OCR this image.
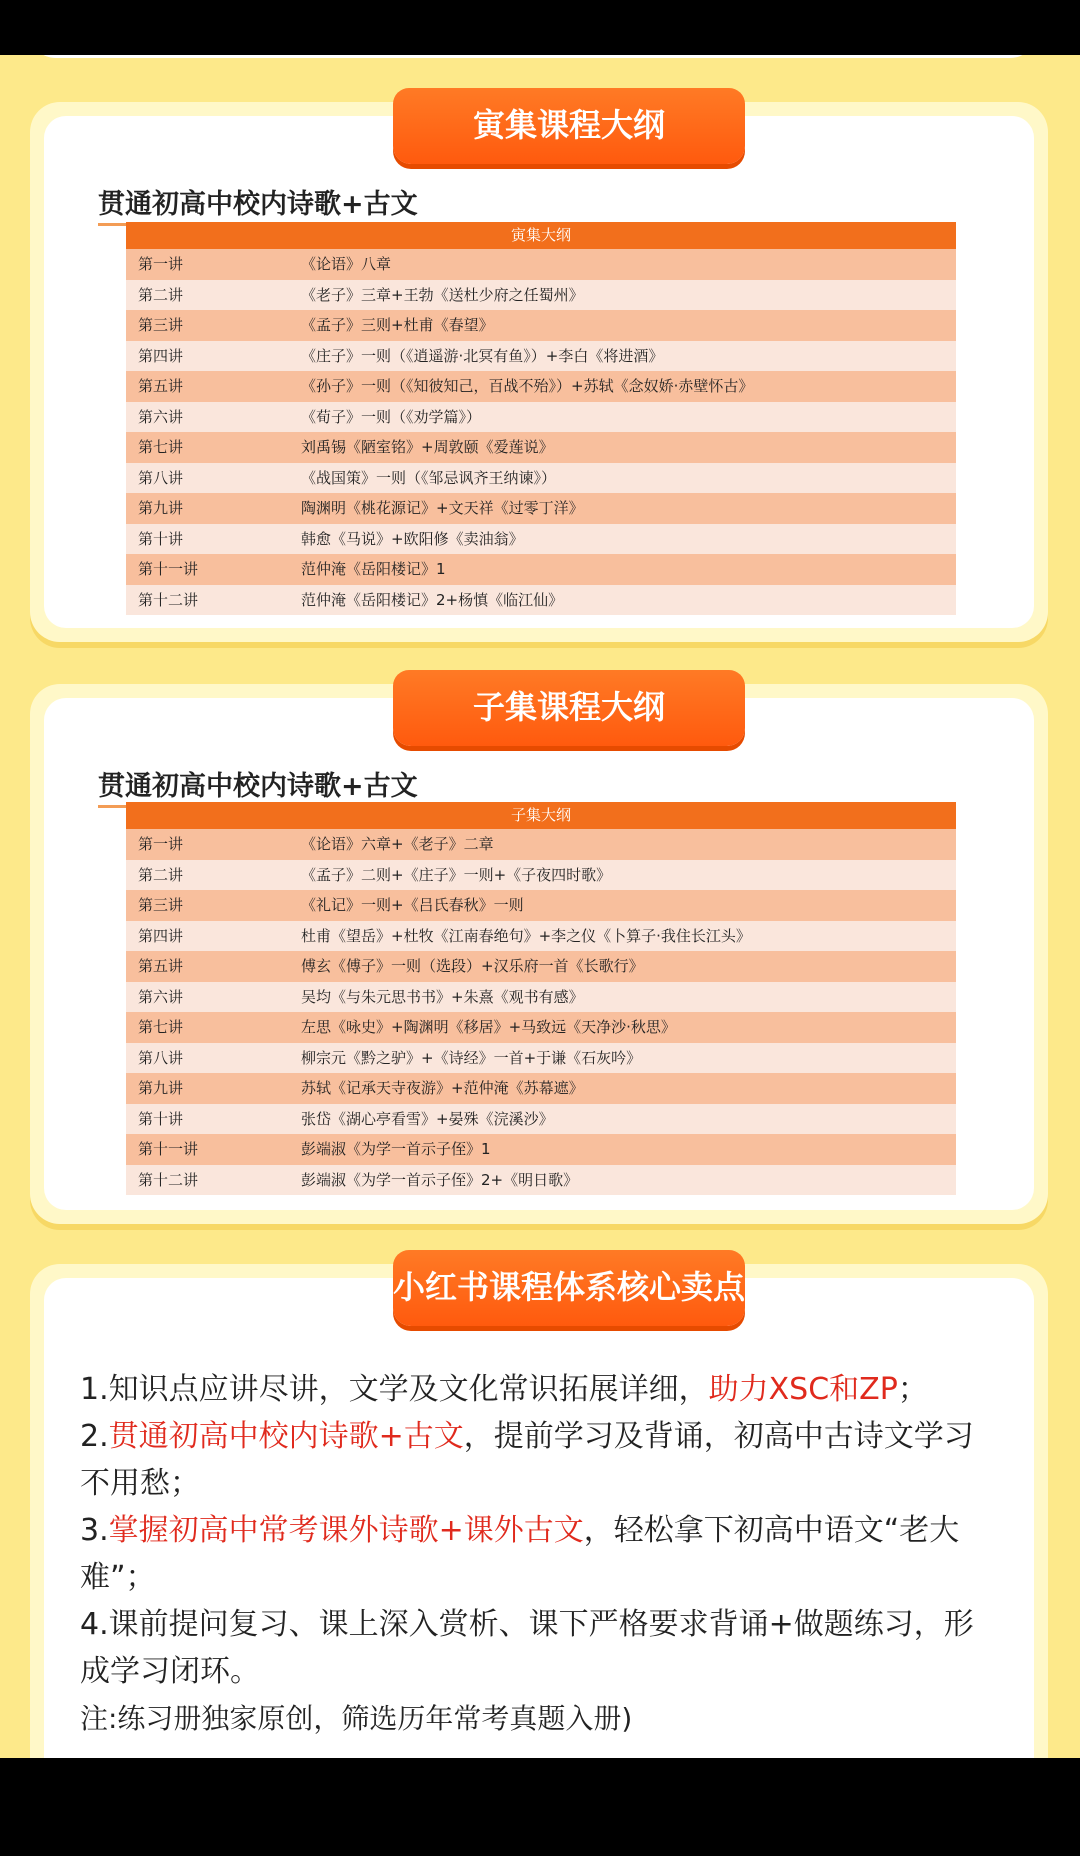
寅集课程大纲
贯通初高中校内诗歌+古文
寅集大纲
第一讲	《论语》八章
第二讲	《老子》三章+王勃《送杜少府之任蜀州》
第三讲	《孟子》三则+杜甫《春望》
第四讲	《庄子》一则（《逍遥游·北冥有鱼》）+李白《将进酒》
第五讲	《孙子》一则（《知彼知己，百战不殆》）+苏轼《念奴娇·赤壁怀古》
第六讲	《荀子》一则（《劝学篇》）
第七讲	刘禹锡《陋室铭》+周敦颐《爱莲说》
第八讲	《战国策》一则（《邹忌讽齐王纳谏》）
第九讲	陶渊明《桃花源记》+文天祥《过零丁洋》
第十讲	韩愈《马说》+欧阳修《卖油翁》
第十一讲	范仲淹《岳阳楼记》1
第十二讲	范仲淹《岳阳楼记》2+杨慎《临江仙》
子集课程大纲
贯通初高中校内诗歌+古文
子集大纲
第一讲	《论语》六章+《老子》二章
第二讲	《孟子》二则+《庄子》一则+《子夜四时歌》
第三讲	《礼记》一则+《吕氏春秋》一则
第四讲	杜甫《望岳》+杜牧《江南春绝句》+李之仪《卜算子·我住长江头》
第五讲	傅玄《傅子》一则（选段）+汉乐府一首《长歌行》
第六讲	吴均《与朱元思书书》+朱熹《观书有感》
第七讲	左思《咏史》+陶渊明《移居》+马致远《天净沙·秋思》
第八讲	柳宗元《黔之驴》+《诗经》一首+于谦《石灰吟》
第九讲	苏轼《记承天寺夜游》+范仲淹《苏幕遮》
第十讲	张岱《湖心亭看雪》+晏殊《浣溪沙》
第十一讲	彭端淑《为学一首示子侄》1
第十二讲	彭端淑《为学一首示子侄》2+《明日歌》
小红书课程体系核心卖点

1.知识点应讲尽讲，文学及文化常识拓展详细，助力XSC和ZP；

2.贯通初高中校内诗歌+古文，提前学习及背诵，初高中古诗文学习不用愁；

3.掌握初高中常考课外诗歌+课外古文，轻松拿下初高中语文“老大难”；

4.课前提问复习、课上深入赏析、课下严格要求背诵+做题练习，形成学习闭环。

注:练习册独家原创，筛选历年常考真题入册)
